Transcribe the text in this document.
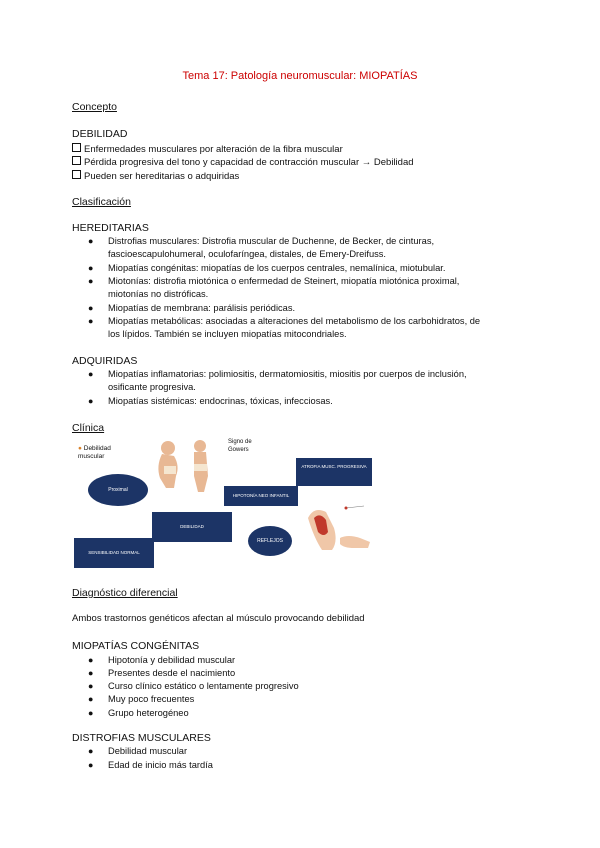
Tema 17: Patología neuromuscular: MIOPATÍAS
Concepto
DEBILIDAD
Enfermedades musculares por alteración de la fibra muscular
Pérdida progresiva del tono y capacidad de contracción muscular → Debilidad
Pueden ser hereditarias o adquiridas
Clasificación
HEREDITARIAS
● Distrofias musculares: Distrofia muscular de Duchenne, de Becker, de cinturas,
fascioescapulohumeral, oculofaríngea, distales, de Emery-Dreifuss.
● Miopatías congénitas: miopatías de los cuerpos centrales, nemalínica, miotubular.
● Miotonías: distrofia miotónica o enfermedad de Steinert, miopatía miotónica proximal,
miotonías no distróficas.
● Miopatías de membrana: parálisis periódicas.
● Miopatías metabólicas: asociadas a alteraciones del metabolismo de los carbohidratos, de
los lípidos. También se incluyen miopatías mitocondriales.
ADQUIRIDAS
● Miopatías inflamatorias: polimiositis, dermatomiositis, miositis por cuerpos de inclusión,
osificante progresiva.
● Miopatías sistémicas: endocrinas, tóxicas, infecciosas.
Clínica
● Debilidad muscular
Signo de Gowers
Proximal
HIPOTONÍA NEO INFANTIL
DEBILIDAD
REFLEJOS
SENSIBILIDAD NORMAL
ATROFIA MUSC. PROGRESIVA
Diagnóstico diferencial
Ambos trastornos genéticos afectan al músculo provocando debilidad
MIOPATÍAS CONGÉNITAS
● Hipotonía y debilidad muscular
● Presentes desde el nacimiento
● Curso clínico estático o lentamente progresivo
● Muy poco frecuentes
● Grupo heterogéneo
DISTROFIAS MUSCULARES
● Debilidad muscular
● Edad de inicio más tardía
